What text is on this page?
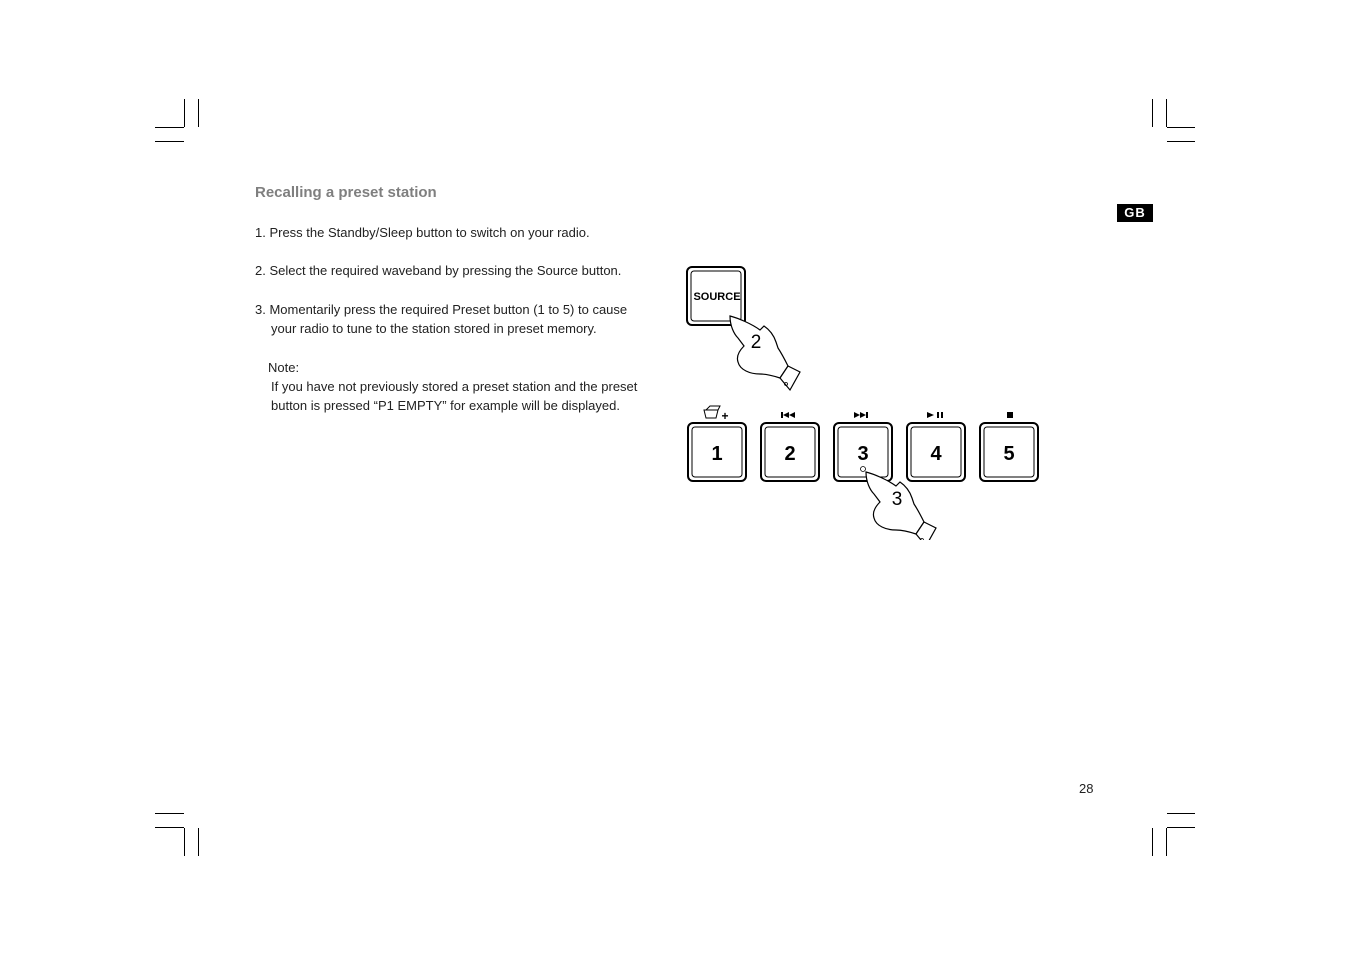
Recalling a preset station
1. Press the Standby/Sleep button to switch on your radio.
2. Select the required waveband by pressing the Source button.
3. Momentarily press the required Preset button (1 to 5) to cause
your radio to tune to the station stored in preset memory.
Note:
If you have not previously stored a preset station and the preset
button is pressed “P1 EMPTY” for example will be displayed.
GB
28
SOURCE
2
+
1	2	3	4	5
3
